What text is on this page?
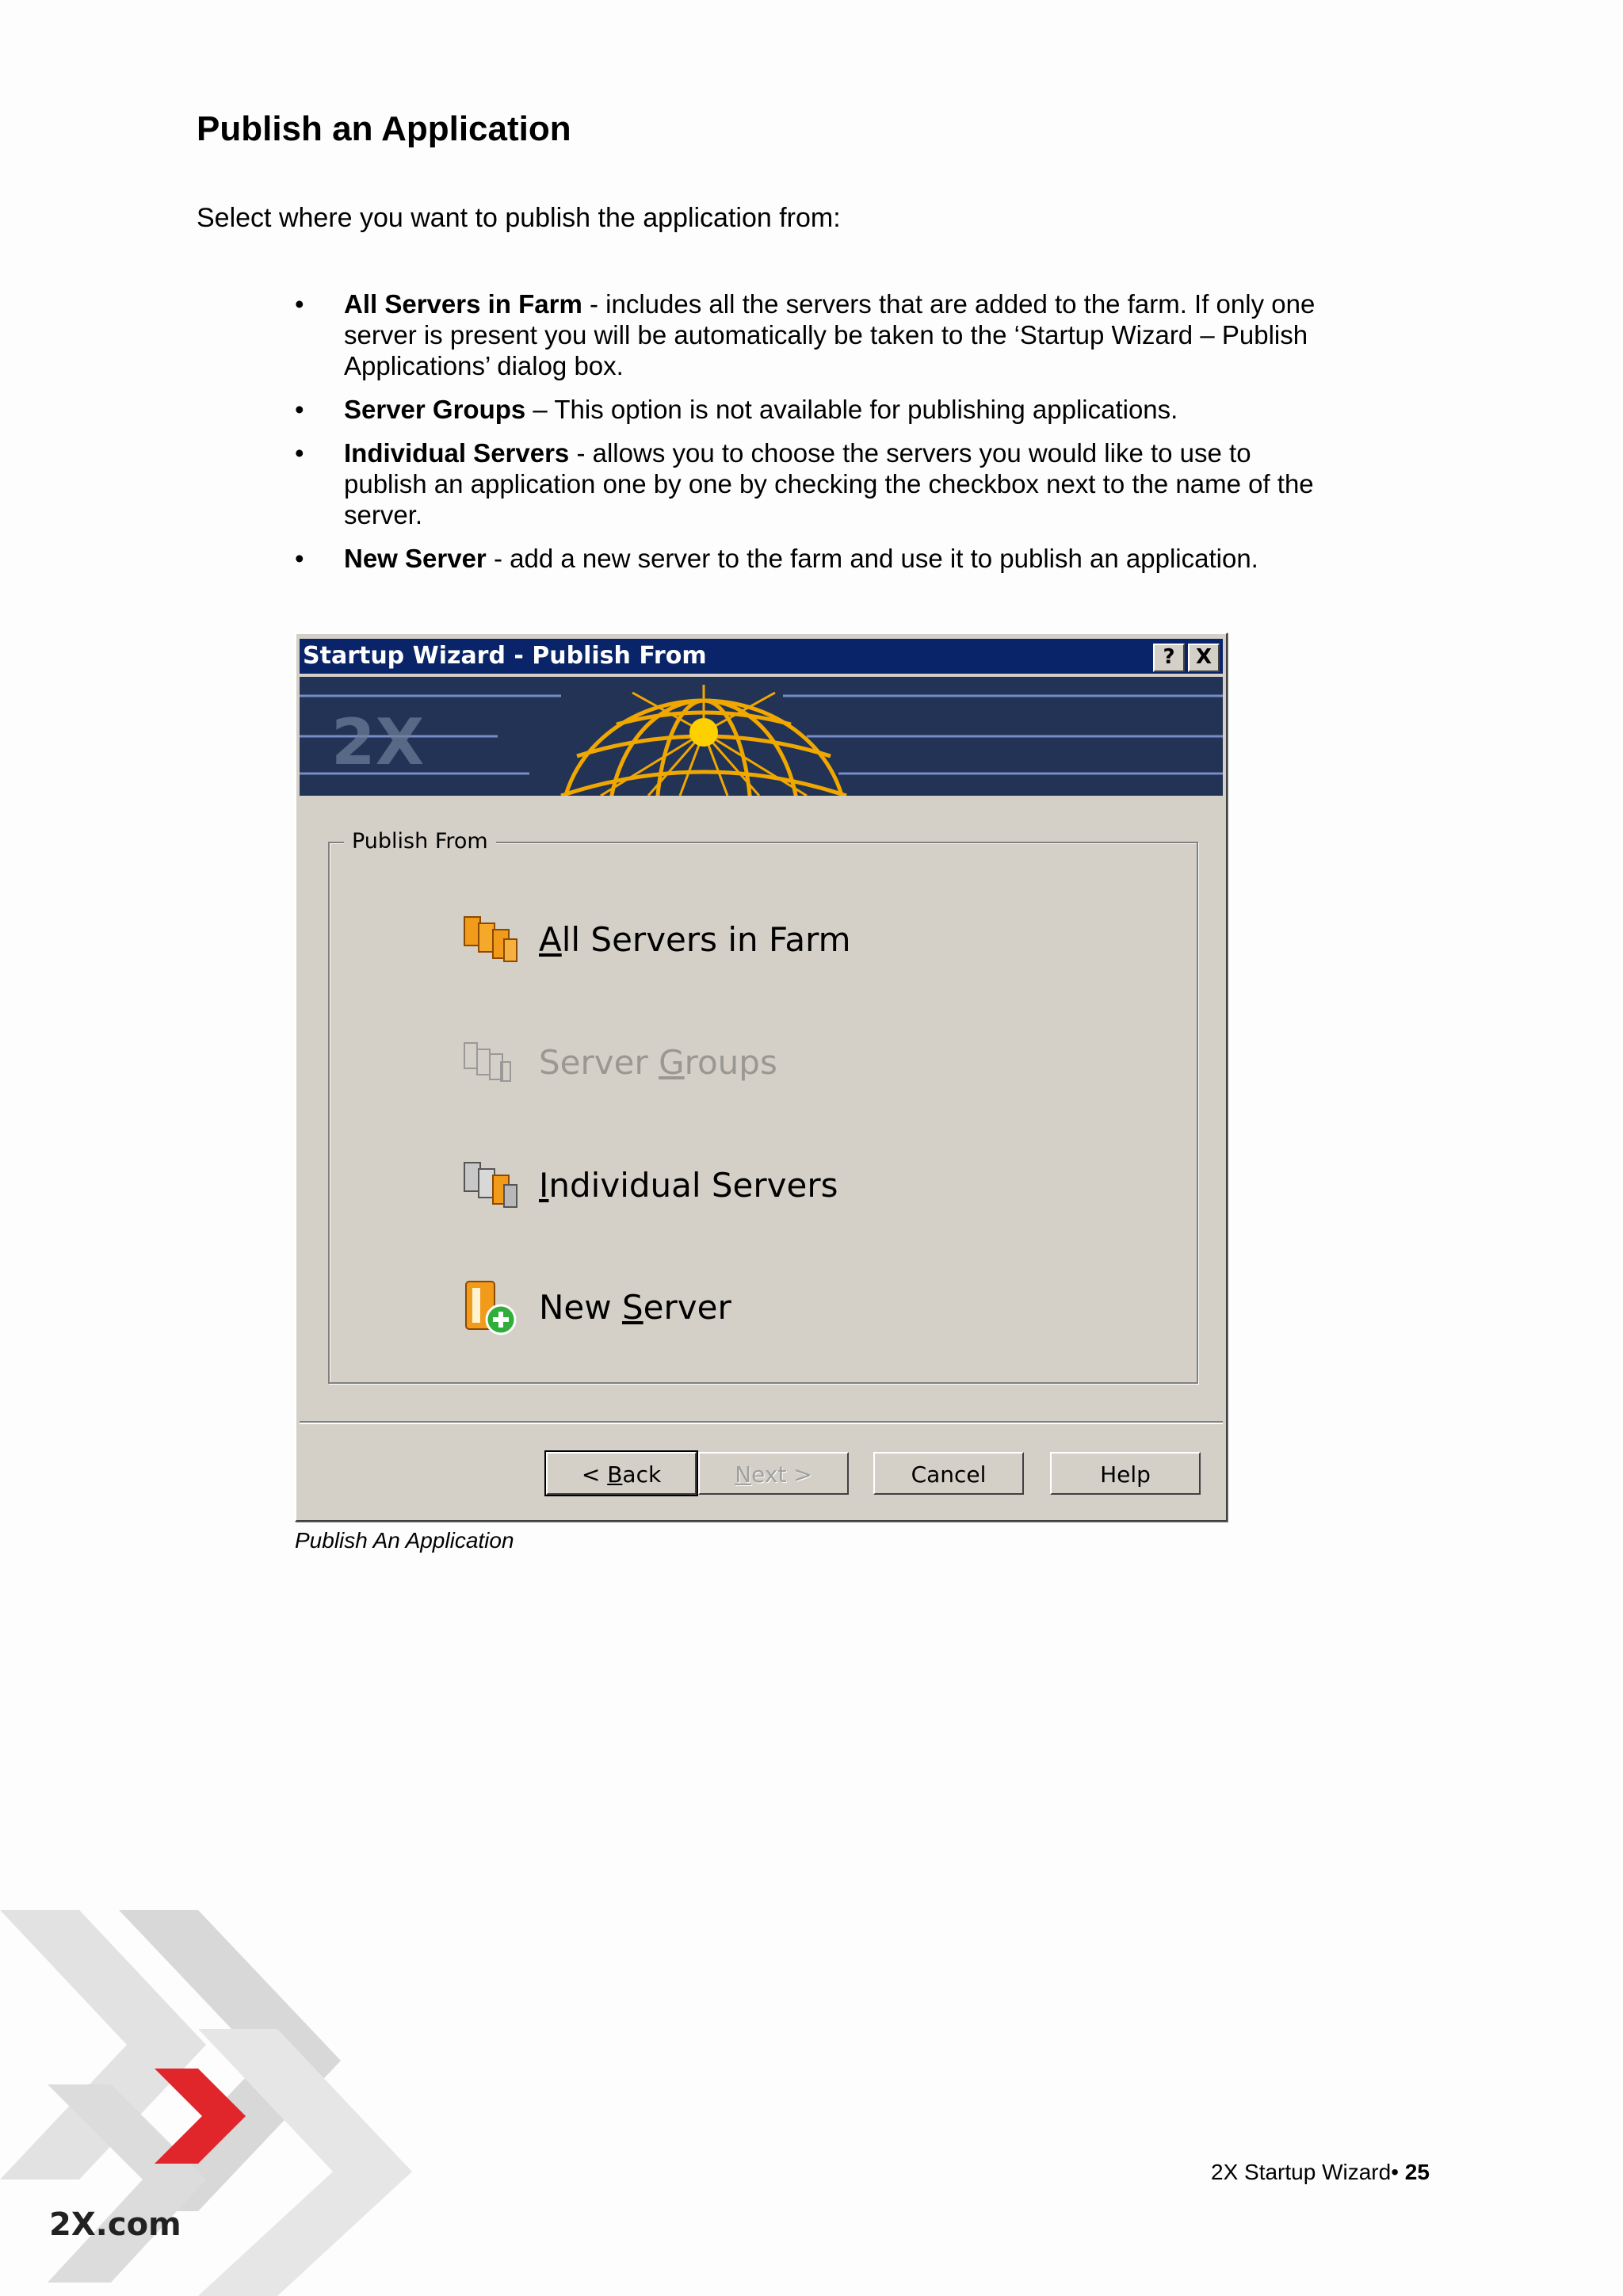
Publish an Application
Select where you want to publish the application from:
• All Servers in Farm - includes all the servers that are added to the farm. If only one server is present you will be automatically be taken to the ‘Startup Wizard – Publish Applications’ dialog box.
• Server Groups – This option is not available for publishing applications.
• Individual Servers - allows you to choose the servers you would like to use to publish an application one by one by checking the checkbox next to the name of the server.
• New Server - add a new server to the farm and use it to publish an application.
Startup Wizard - Publish From	?	X
2X
Publish From
All Servers in Farm
Server Groups
Individual Servers
New Server
< Back	Next >	Cancel	Help
Publish An Application
2X.com
2X Startup Wizard• 25
